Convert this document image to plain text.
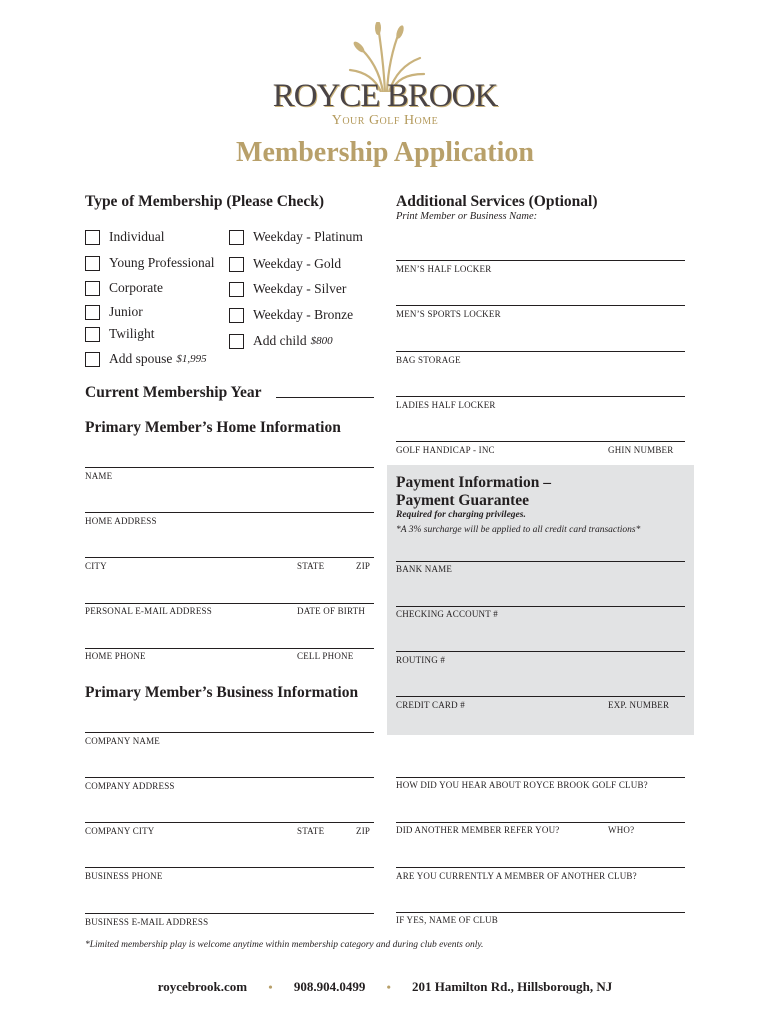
ROYCE BROOK
Your Golf Home
Membership Application
Type of Membership (Please Check)
Individual
Young Professional
Corporate
Junior
Twilight
Add spouse $1,995
Weekday - Platinum
Weekday - Gold
Weekday - Silver
Weekday - Bronze
Add child $800
Current Membership Year
Primary Member’s Home Information
NAME
HOME ADDRESS
CITY	STATE	ZIP
PERSONAL E-MAIL ADDRESS	DATE OF BIRTH
HOME PHONE	CELL PHONE
Primary Member’s Business Information
COMPANY NAME
COMPANY ADDRESS
COMPANY CITY	STATE	ZIP
BUSINESS PHONE
BUSINESS E-MAIL ADDRESS
Additional Services (Optional)
Print Member or Business Name:
MEN’S HALF LOCKER
MEN’S SPORTS LOCKER
BAG STORAGE
LADIES HALF LOCKER
GOLF HANDICAP - INC	GHIN NUMBER
Payment Information –
Payment Guarantee
Required for charging privileges.
*A 3% surcharge will be applied to all credit card transactions*
BANK NAME
CHECKING ACCOUNT #
ROUTING #
CREDIT CARD #	EXP. NUMBER
HOW DID YOU HEAR ABOUT ROYCE BROOK GOLF CLUB?
DID ANOTHER MEMBER REFER YOU?	WHO?
ARE YOU CURRENTLY A MEMBER OF ANOTHER CLUB?
IF YES, NAME OF CLUB
*Limited membership play is welcome anytime within membership category and during club events only.
roycebrook.com • 908.904.0499 • 201 Hamilton Rd., Hillsborough, NJ
